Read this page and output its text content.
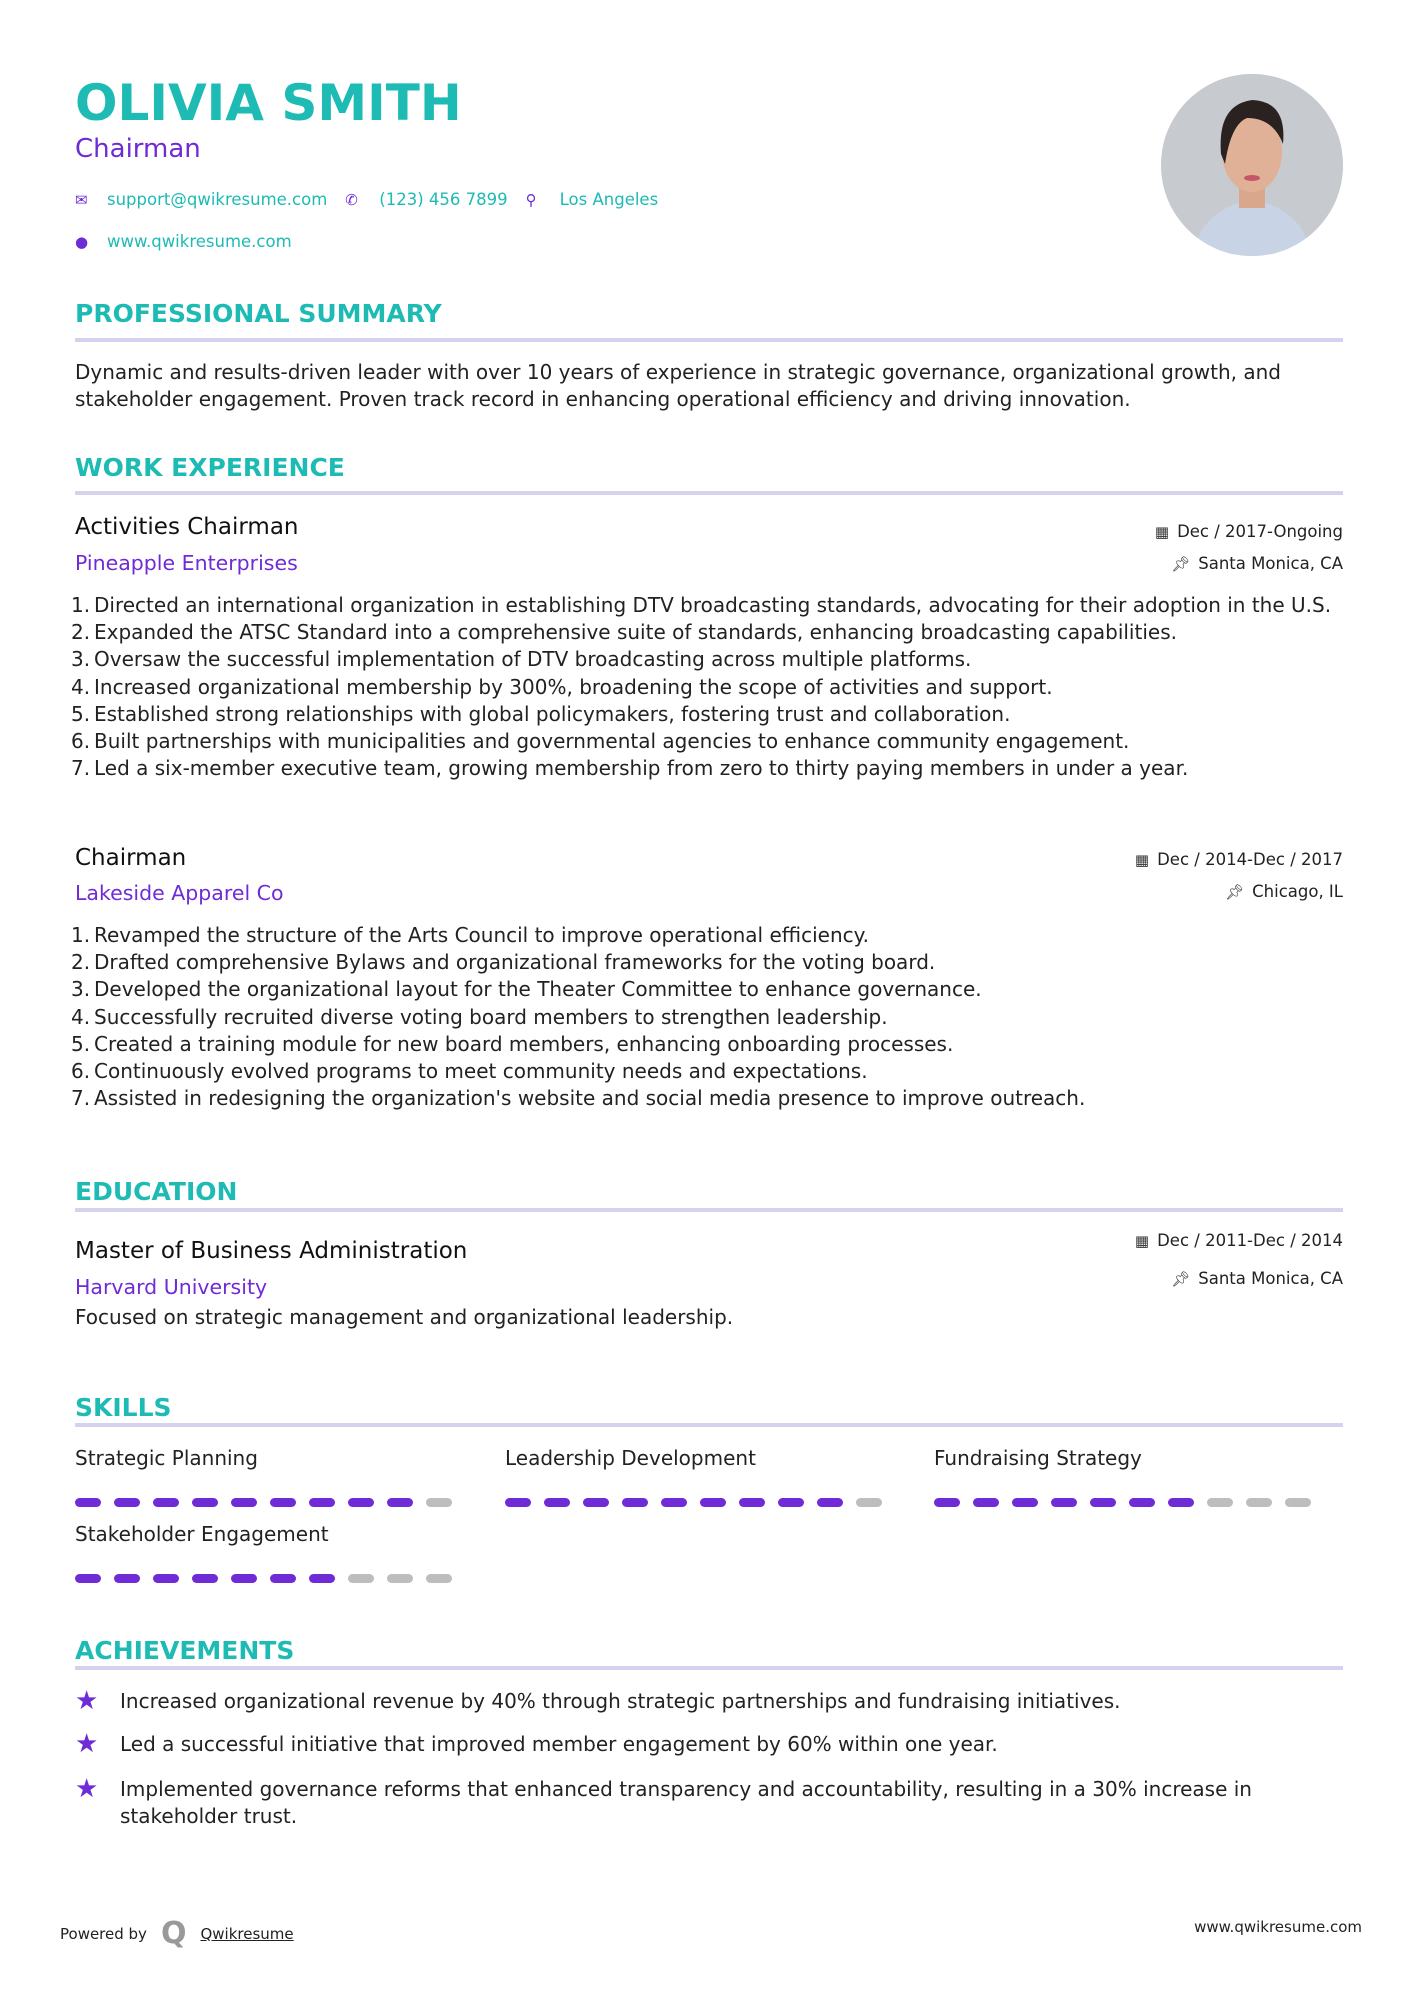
OLIVIA SMITH
Chairman
✉	support@qwikresume.com ✆	(123) 456 7899 ⚲	Los Angeles
●	www.qwikresume.com
PROFESSIONAL SUMMARY
Dynamic and results-driven leader with over 10 years of experience in strategic governance, organizational growth, and stakeholder engagement. Proven track record in enhancing operational efficiency and driving innovation.
WORK EXPERIENCE
Activities Chairman
Pineapple Enterprises
▦ Dec / 2017-Ongoing
📌︎ Santa Monica, CA
Directed an international organization in establishing DTV broadcasting standards, advocating for their adoption in the U.S.
Expanded the ATSC Standard into a comprehensive suite of standards, enhancing broadcasting capabilities.
Oversaw the successful implementation of DTV broadcasting across multiple platforms.
Increased organizational membership by 300%, broadening the scope of activities and support.
Established strong relationships with global policymakers, fostering trust and collaboration.
Built partnerships with municipalities and governmental agencies to enhance community engagement.
Led a six-member executive team, growing membership from zero to thirty paying members in under a year.
Chairman
Lakeside Apparel Co
▦ Dec / 2014-Dec / 2017
📌︎ Chicago, IL
Revamped the structure of the Arts Council to improve operational efficiency.
Drafted comprehensive Bylaws and organizational frameworks for the voting board.
Developed the organizational layout for the Theater Committee to enhance governance.
Successfully recruited diverse voting board members to strengthen leadership.
Created a training module for new board members, enhancing onboarding processes.
Continuously evolved programs to meet community needs and expectations.
Assisted in redesigning the organization's website and social media presence to improve outreach.
EDUCATION
Master of Business Administration
Harvard University
▦ Dec / 2011-Dec / 2014
📌︎ Santa Monica, CA
Focused on strategic management and organizational leadership.
SKILLS
Strategic Planning	Leadership Development	Fundraising Strategy
Stakeholder Engagement
ACHIEVEMENTS
★	Increased organizational revenue by 40% through strategic partnerships and fundraising initiatives.
★	Led a successful initiative that improved member engagement by 60% within one year.
★	Implemented governance reforms that enhanced transparency and accountability, resulting in a 30% increase in stakeholder trust.
Powered by Q Qwikresume	www.qwikresume.com
